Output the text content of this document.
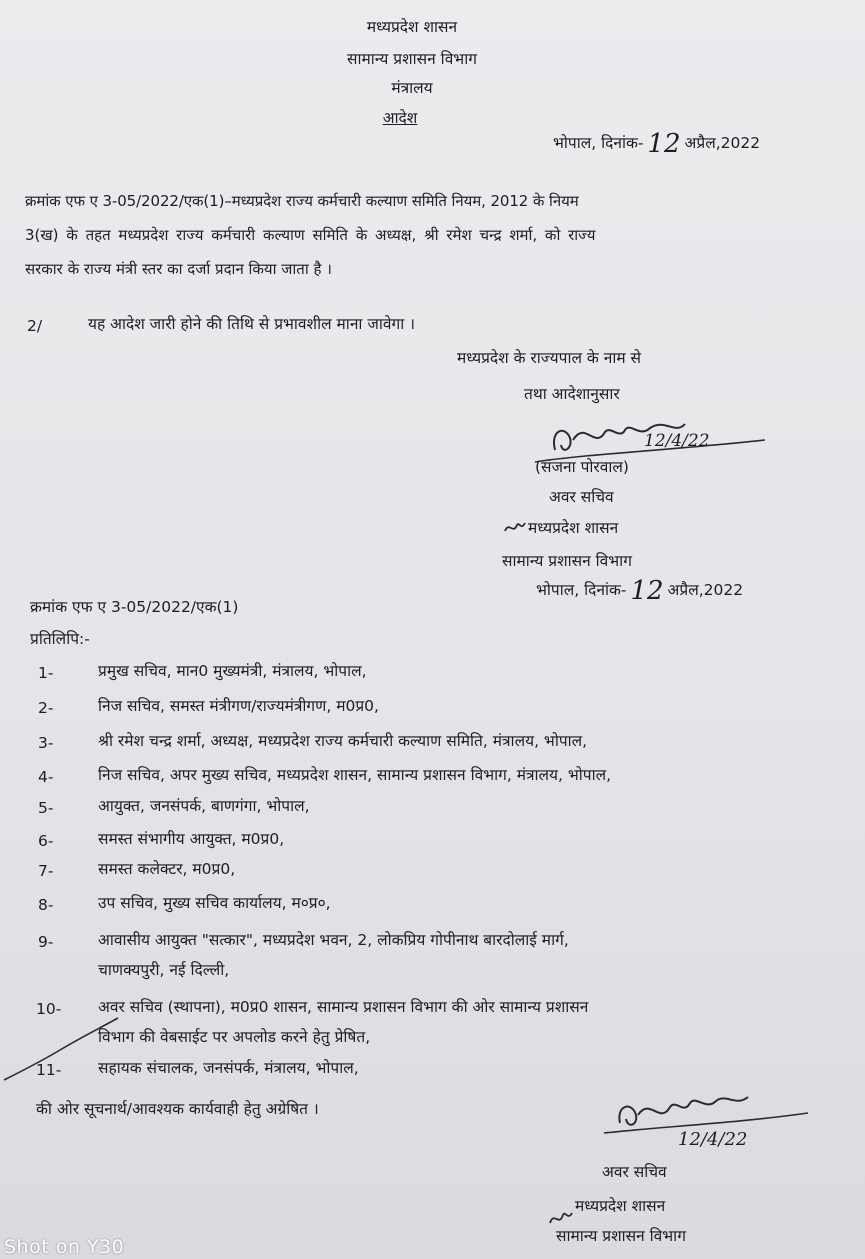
मध्यप्रदेश शासन
सामान्य प्रशासन विभाग
मंत्रालय
आदेश
भोपाल, दिनांक- 12 अप्रैल,2022
क्रमांक एफ ए 3-05/2022/एक(1)–मध्यप्रदेश राज्य कर्मचारी कल्याण समिति नियम, 2012 के नियम
3(ख) के तहत मध्यप्रदेश राज्य कर्मचारी कल्याण समिति के अध्यक्ष, श्री रमेश चन्द्र शर्मा, को राज्य
सरकार के राज्य मंत्री स्तर का दर्जा प्रदान किया जाता है ।
2/	यह आदेश जारी होने की तिथि से प्रभावशील माना जावेगा ।
मध्यप्रदेश के राज्यपाल के नाम से
तथा आदेशानुसार
12/4/22
(संजना पोरवाल)
अवर सचिव
मध्यप्रदेश शासन
सामान्य प्रशासन विभाग
भोपाल, दिनांक- 12 अप्रैल,2022
क्रमांक एफ ए 3-05/2022/एक(1)
प्रतिलिपि:-
1-	प्रमुख सचिव, मान0 मुख्यमंत्री, मंत्रालय, भोपाल,
2-	निज सचिव, समस्त मंत्रीगण/राज्यमंत्रीगण, म0प्र0,
3-	श्री रमेश चन्द्र शर्मा, अध्यक्ष, मध्यप्रदेश राज्य कर्मचारी कल्याण समिति, मंत्रालय, भोपाल,
4-	निज सचिव, अपर मुख्य सचिव, मध्यप्रदेश शासन, सामान्य प्रशासन विभाग, मंत्रालय, भोपाल,
5-	आयुक्त, जनसंपर्क, बाणगंगा, भोपाल,
6-	समस्त संभागीय आयुक्त, म0प्र0,
7-	समस्त कलेक्टर, म0प्र0,
8-	उप सचिव, मुख्य सचिव कार्यालय, म०प्र०,
9-	आवासीय आयुक्त "सत्कार", मध्यप्रदेश भवन, 2, लोकप्रिय गोपीनाथ बारदोलाई मार्ग,
चाणक्यपुरी, नई दिल्ली,
10- अवर सचिव (स्थापना), म0प्र0 शासन, सामान्य प्रशासन विभाग की ओर सामान्य प्रशासन
विभाग की वेबसाईट पर अपलोड करने हेतु प्रेषित,
11- सहायक संचालक, जनसंपर्क, मंत्रालय, भोपाल,
की ओर सूचनार्थ/आवश्यक कार्यवाही हेतु अग्रेषित ।
12/4/22
अवर सचिव
मध्यप्रदेश शासन
सामान्य प्रशासन विभाग
Shot on Y30
